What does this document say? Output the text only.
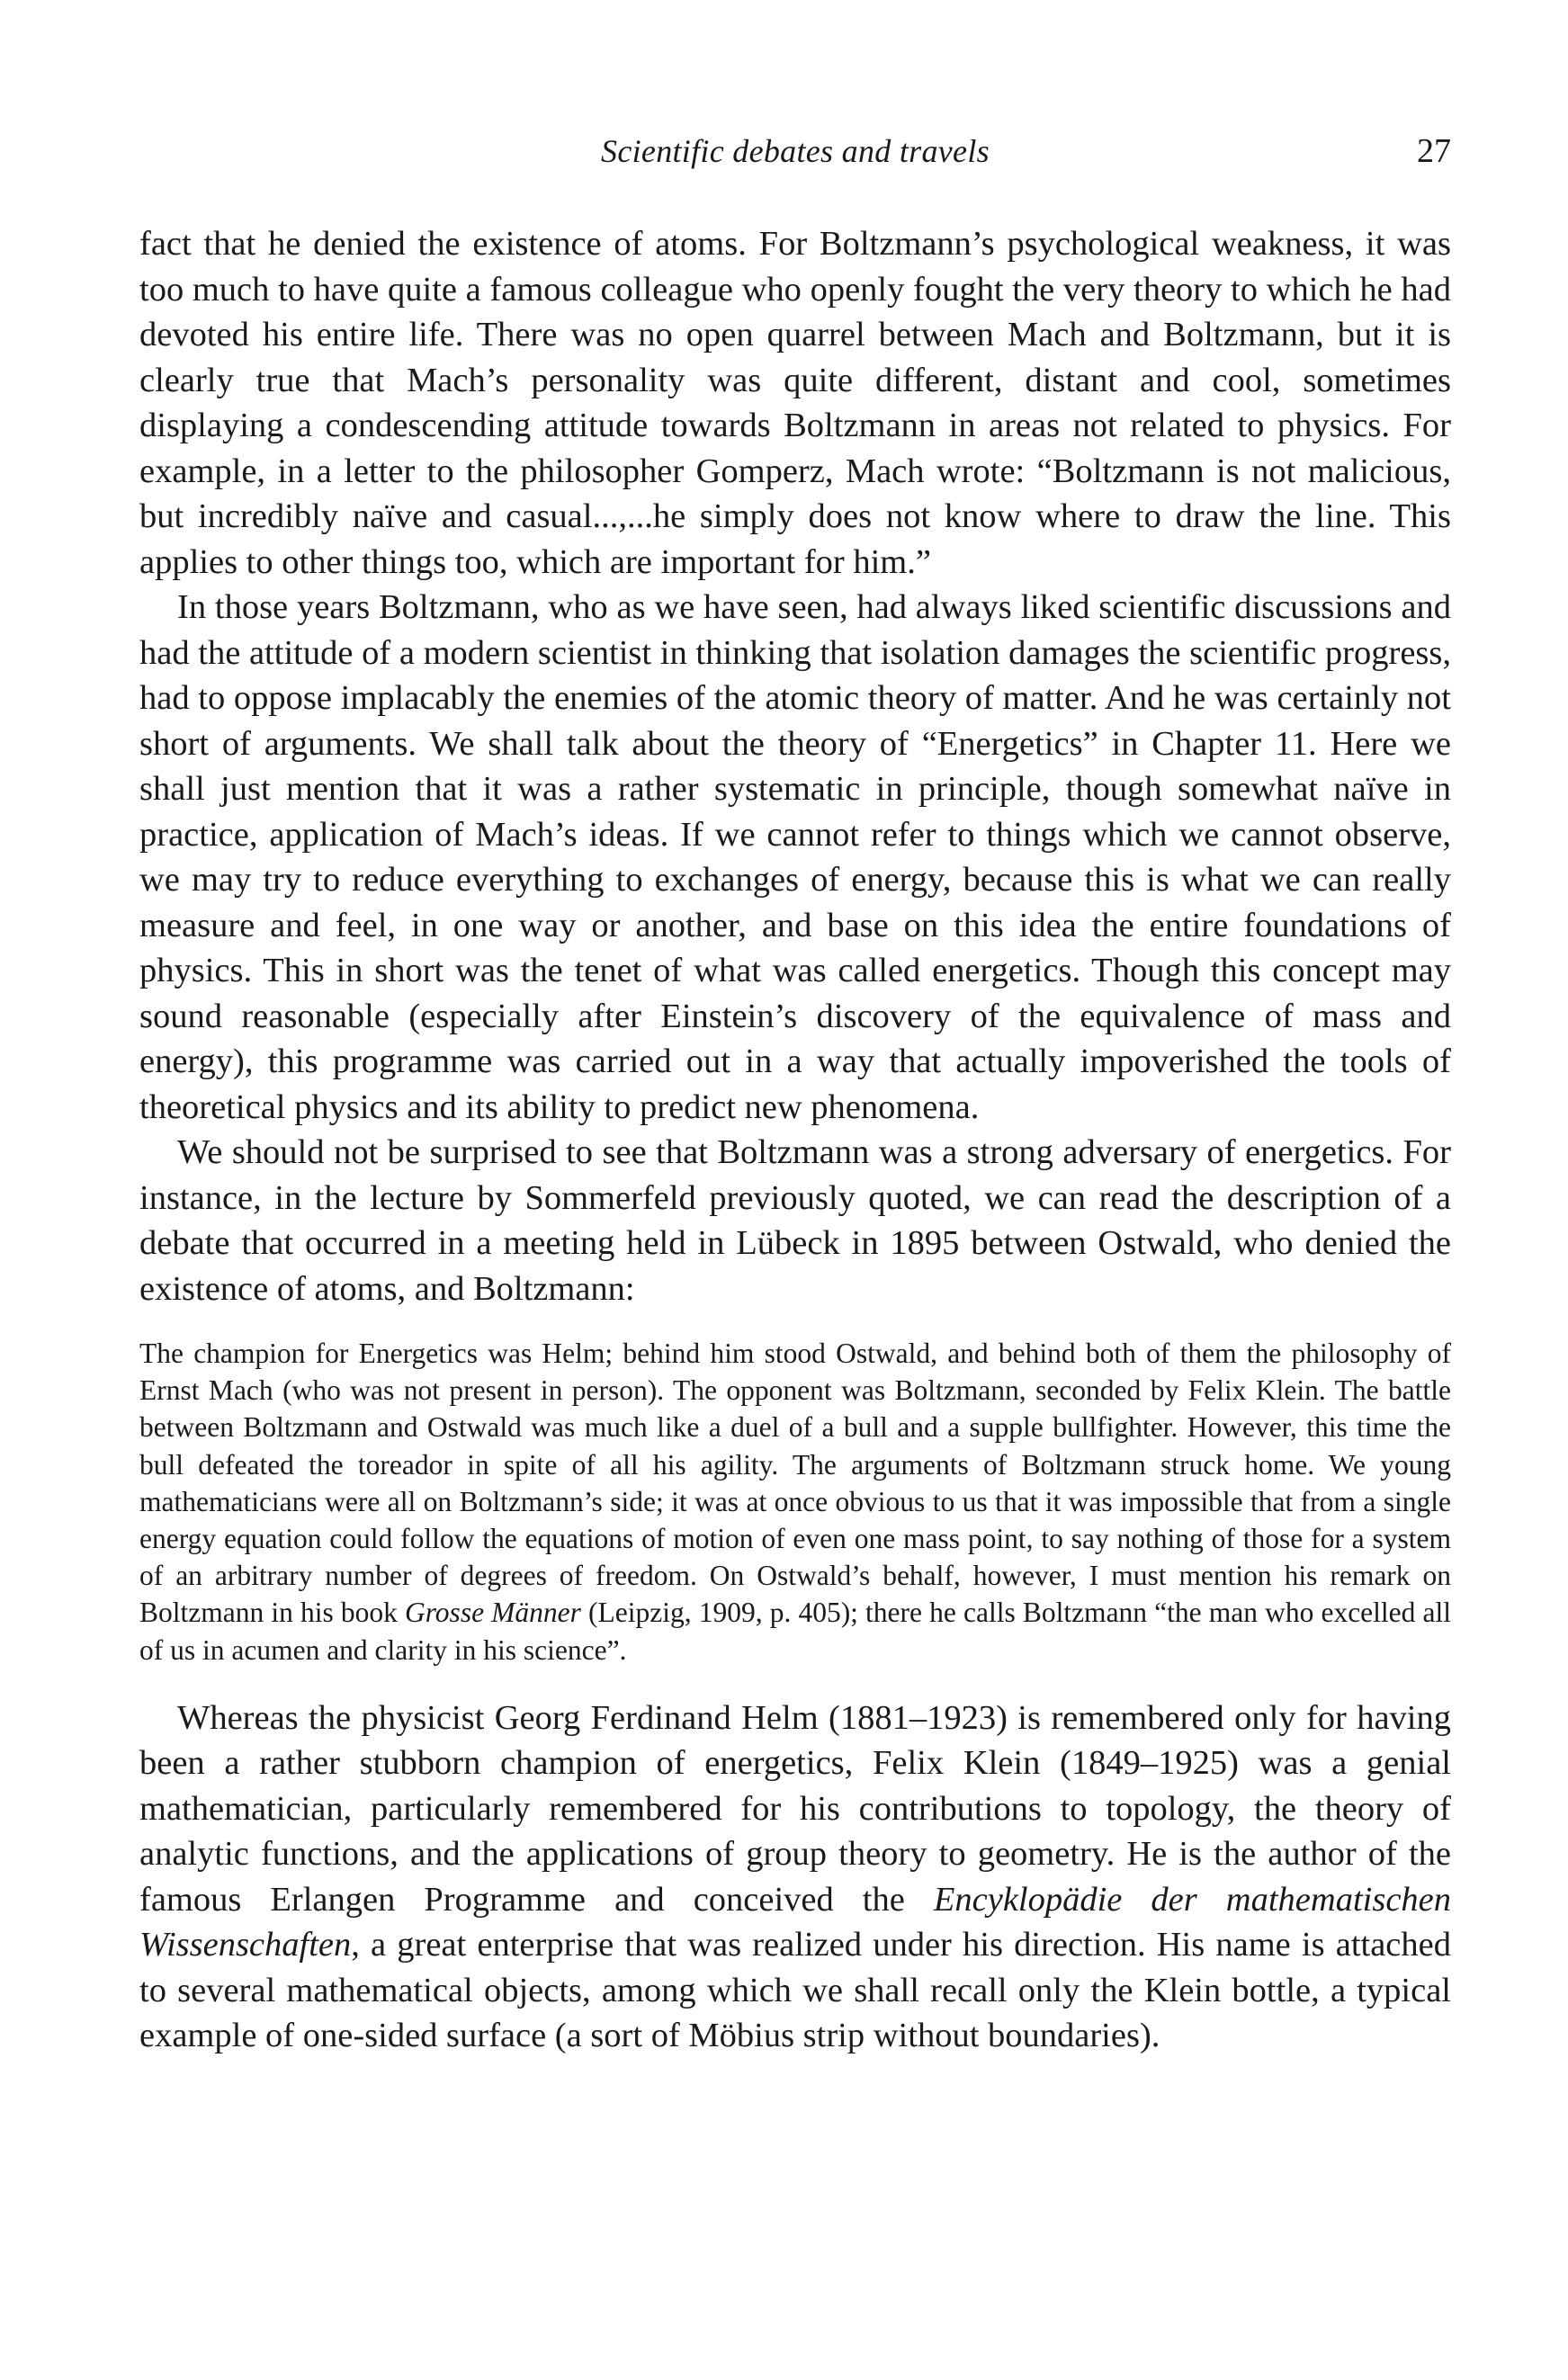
Scientific debates and travels	27

fact that he denied the existence of atoms. For Boltzmann’s psychological weakness, it was too much to have quite a famous colleague who openly fought the very theory to which he had devoted his entire life. There was no open quarrel between Mach and Boltzmann, but it is clearly true that Mach’s personality was quite different, distant and cool, sometimes displaying a condescending attitude towards Boltzmann in areas not related to physics. For example, in a letter to the philosopher Gomperz, Mach wrote: “Boltzmann is not malicious, but incredibly naïve and casual...,...he simply does not know where to draw the line. This applies to other things too, which are important for him.”

In those years Boltzmann, who as we have seen, had always liked scientific discussions and had the attitude of a modern scientist in thinking that isolation damages the scientific progress, had to oppose implacably the enemies of the atomic theory of matter. And he was certainly not short of arguments. We shall talk about the theory of “Energetics” in Chapter 11. Here we shall just mention that it was a rather systematic in principle, though somewhat naïve in practice, application of Mach’s ideas. If we cannot refer to things which we cannot observe, we may try to reduce everything to exchanges of energy, because this is what we can really measure and feel, in one way or another, and base on this idea the entire foundations of physics. This in short was the tenet of what was called energetics. Though this concept may sound reasonable (especially after Einstein’s discovery of the equivalence of mass and energy), this programme was carried out in a way that actually impoverished the tools of theoretical physics and its ability to predict new phenomena.

We should not be surprised to see that Boltzmann was a strong adversary of energetics. For instance, in the lecture by Sommerfeld previously quoted, we can read the description of a debate that occurred in a meeting held in Lübeck in 1895 between Ostwald, who denied the existence of atoms, and Boltzmann:

The champion for Energetics was Helm; behind him stood Ostwald, and behind both of them the philosophy of Ernst Mach (who was not present in person). The opponent was Boltzmann, seconded by Felix Klein. The battle between Boltzmann and Ostwald was much like a duel of a bull and a supple bullfighter. However, this time the bull defeated the toreador in spite of all his agility. The arguments of Boltzmann struck home. We young mathematicians were all on Boltzmann’s side; it was at once obvious to us that it was impossible that from a single energy equation could follow the equations of motion of even one mass point, to say nothing of those for a system of an arbitrary number of degrees of freedom. On Ostwald’s behalf, however, I must mention his remark on Boltzmann in his book Grosse Männer (Leipzig, 1909, p. 405); there he calls Boltzmann “the man who excelled all of us in acumen and clarity in his science”.

Whereas the physicist Georg Ferdinand Helm (1881–1923) is remembered only for having been a rather stubborn champion of energetics, Felix Klein (1849–1925) was a genial mathematician, particularly remembered for his contributions to topology, the theory of analytic functions, and the applications of group theory to geometry. He is the author of the famous Erlangen Programme and conceived the Encyklopädie der mathematischen Wissenschaften, a great enterprise that was realized under his direction. His name is attached to several mathematical objects, among which we shall recall only the Klein bottle, a typical example of one-sided surface (a sort of Möbius strip without boundaries).
